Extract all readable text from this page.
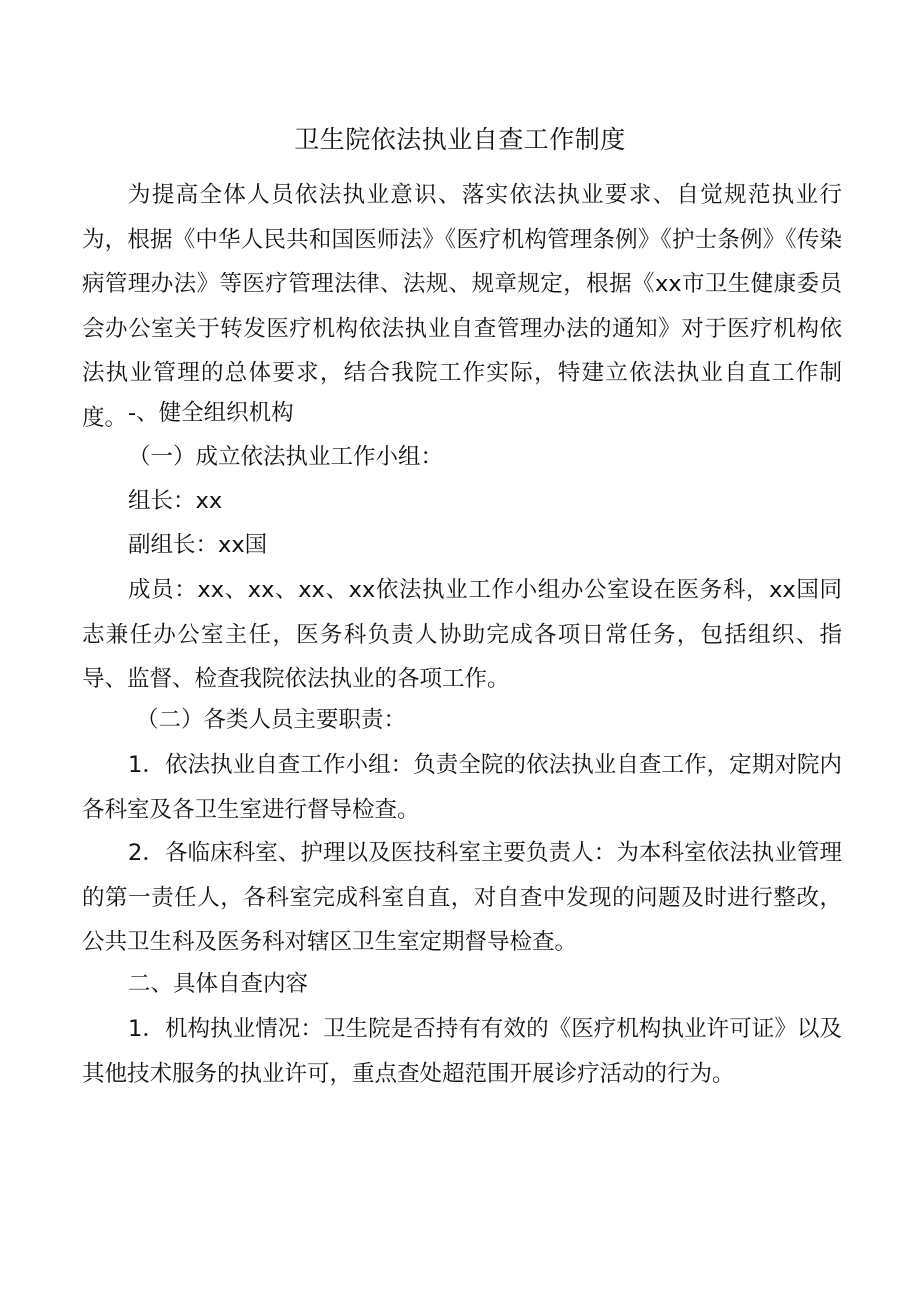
卫生院依法执业自查工作制度
为提高全体人员依法执业意识、落实依法执业要求、自觉规范执业行为，根据《中华人民共和国医师法》《医疗机构管理条例》《护士条例》《传染病管理办法》等医疗管理法律、法规、规章规定，根据《xx市卫生健康委员会办公室关于转发医疗机构依法执业自查管理办法的通知》对于医疗机构依法执业管理的总体要求，结合我院工作实际，特建立依法执业自直工作制度。 -、健全组织机构
（一）成立依法执业工作小组：
组长：xx
副组长：xx国
成员：xx、xx、xx、xx依法执业工作小组办公室设在医务科，xx国同志兼任办公室主任，医务科负责人协助完成各项日常任务，包括组织、指导、监督、检查我院依法执业的各项工作。
（二）各类人员主要职责：
1．依法执业自查工作小组：负责全院的依法执业自查工作，定期对院内各科室及各卫生室进行督导检查。
2．各临床科室、护理以及医技科室主要负责人：为本科室依法执业管理的第一责任人，各科室完成科室自直，对自查中发现的问题及时进行整改，公共卫生科及医务科对辖区卫生室定期督导检查。
二、具体自查内容
1．机构执业情况：卫生院是否持有有效的《医疗机构执业许可证》以及其他技术服务的执业许可，重点查处超范围开展诊疗活动的行为。
